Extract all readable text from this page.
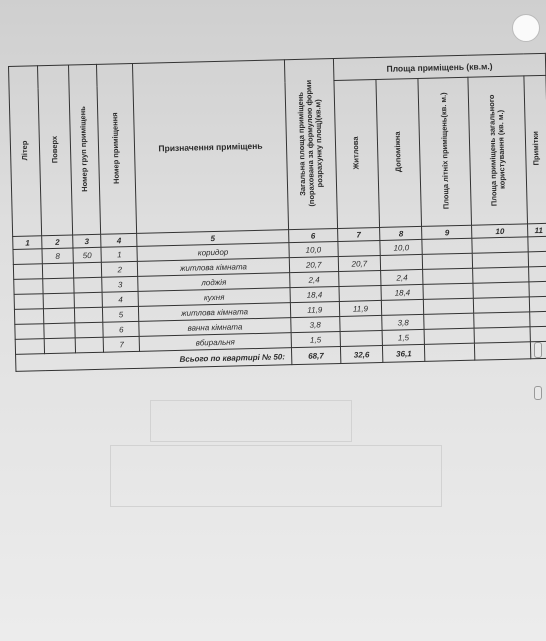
Літер	Поверх	Номер груп приміщень	Номер приміщення	Призначення приміщень	Загальна площа приміщень (порахована за формулою форми розрахунку площ)(кв.м)	Площа приміщень (кв.м.)				
						Житлова	Допоміжна	Площа літніх приміщень(кв. м.)	Площа приміщень загального користування (кв. м.)	Примітки
1	2	3	4	5	6	7	8	9	10	11
	8	50	1	коридор	10,0		10,0			
			2	житлова кімната	20,7	20,7				
			3	лоджія	2,4		2,4			
			4	кухня	18,4		18,4			
			5	житлова кімната	11,9	11,9				
			6	ванна кімната	3,8		3,8			
			7	вбиральня	1,5		1,5			
Всього по квартирі № 50:					68,7	32,6	36,1			
